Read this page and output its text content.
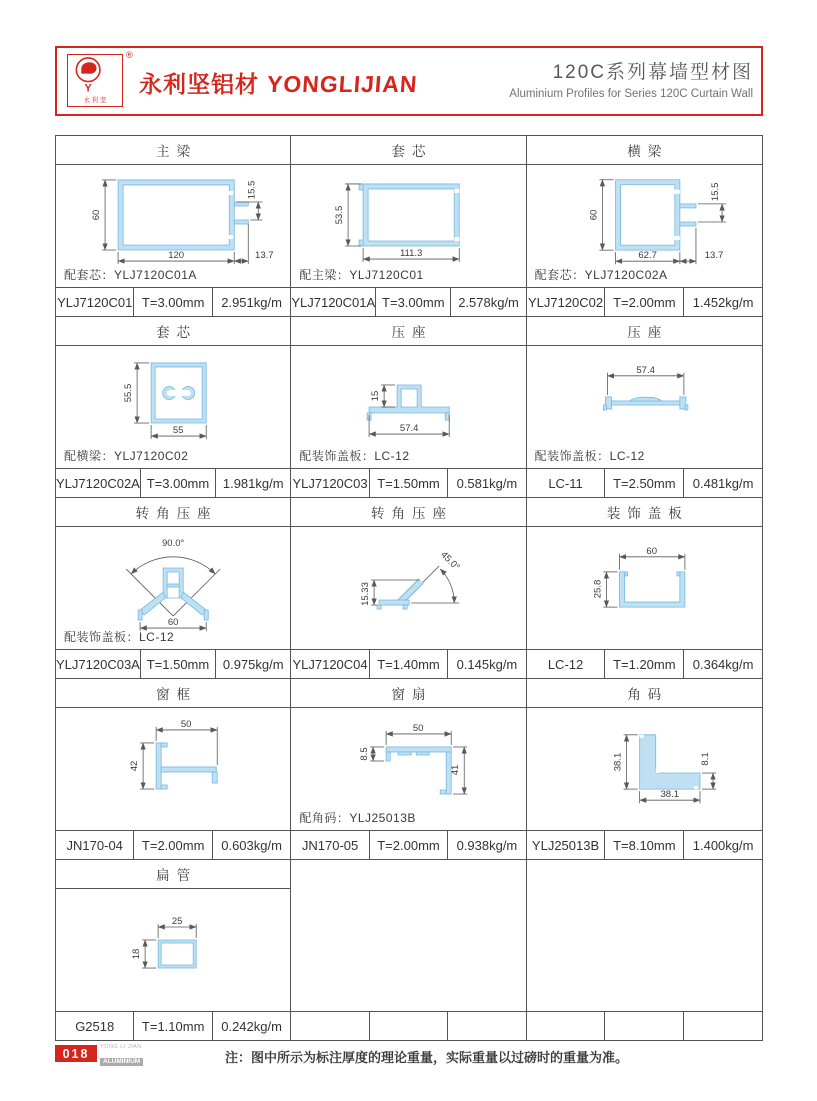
Y
永 利 坚
®
永利坚铝材 YONGLIJIAN	120C系列幕墙型材图
Aluminium Profiles for Series 120C Curtain Wall
主梁
60
120	13.7
15.5
配套芯：YLJ7120C01A
YLJ7120C01 T=3.00mm	2.951kg/m
套芯
53.5
111.3
配主梁：YLJ7120C01
YLJ7120C01A T=3.00mm	2.578kg/m
横梁
60
62.7	13.7
15.5
配套芯：YLJ7120C02A
YLJ7120C02 T=2.00mm	1.452kg/m
套芯
55.5
55
配横梁：YLJ7120C02
YLJ7120C02A T=3.00mm	1.981kg/m
压座
15
57.4
配装饰盖板：LC-12
YLJ7120C03 T=1.50mm	0.581kg/m
压座
57.4
配装饰盖板：LC-12
LC-11	T=2.50mm	0.481kg/m
转角压座
90.0°
60
配装饰盖板：LC-12
YLJ7120C03A T=1.50mm	0.975kg/m
转角压座
45.0°
15.33
YLJ7120C04 T=1.40mm	0.145kg/m
装饰盖板
60
25.8
LC-12	T=1.20mm	0.364kg/m
窗框
50
42
JN170-04	T=2.00mm	0.603kg/m
窗扇
50
8.5
41
配角码：YLJ25013B
JN170-05	T=2.00mm	0.938kg/m
角码
38.1
38.1
8.1
YLJ25013B	T=8.10mm	1.400kg/m
扁管
25
18
G2518	T=1.10mm	0.242kg/m
018	YONG LI JIAN
ALUMINIUM	注：图中所示为标注厚度的理论重量，实际重量以过磅时的重量为准。
